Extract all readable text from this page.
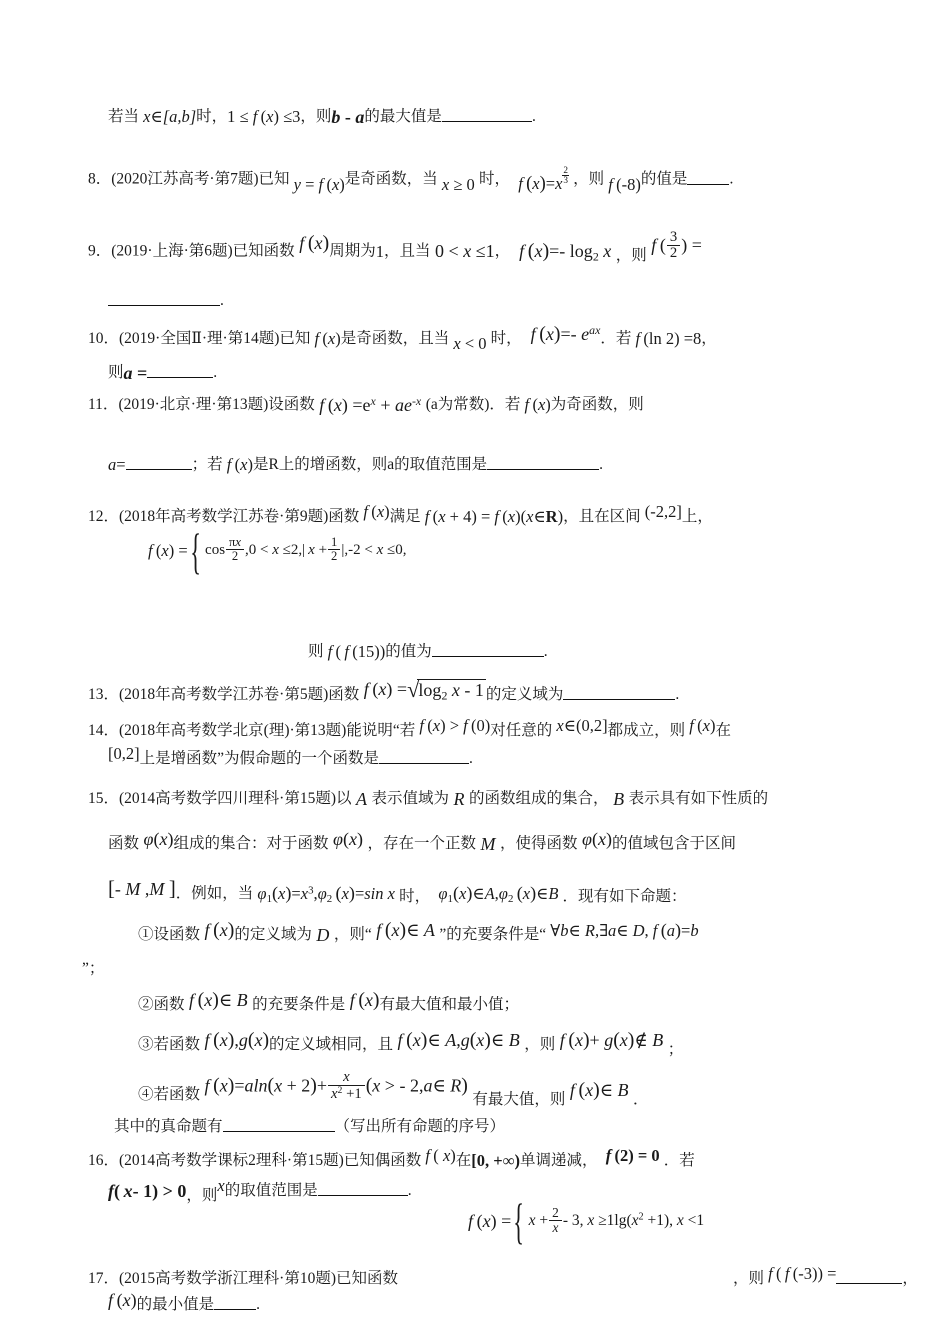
若当 x∈[a,b]时，1 ≤ f (x) ≤3，则b - a的最大值是	.
8．(2020江苏高考·第7题)已知 y = f (x)是奇函数，当 x ≥ 0 时， f  $(x)=x \frac{2}{3}$ ，则 f (-8)的值是	.
9．(2019·上海·第6题)已知函数 f  (x)周期为1，且当 0 < x ≤1， f  (x)=- log2 x ，则 f ( $\frac{3}{2}$ ) =
.
10．(2019·全国Ⅱ·理·第14题)已知 f (x)是奇函数，且当 x < 0 时， f  (x)=- $e^{ax}$．若 f (ln 2) =8，
则a =	.
11．(2019·北京·理·第13题)设函数 f $(x) =e^x + ae^{-x}$ (a为常数)．若 f (x)为奇函数，则
a=	；若 f (x)是R上的增函数，则a的取值范围是	.
12．(2018年高考数学江苏卷·第9题)函数 f (x)满足 f (x + 4) = f (x)(x∈R)，且在区间 (-2,2]上，
f (x) ={ $\cos \frac{\pi x}{2} ,0 < x \le 2,|$ $x + \frac{1}{2} |,-2 < x \le 0$,
则 f ( f (15))的值为	.
13．(2018年高考数学江苏卷·第5题)函数 f (x) =√log2 x - 1 的定义域为	.
14．(2018年高考数学北京(理)·第13题)能说明“若 f (x) > f (0)对任意的 x∈(0,2]都成立，则 f (x)在
[0,2]上是增函数”为假命题的一个函数是	.
15．(2014高考数学四川理科·第15题)以 A 表示值域为 R 的函数组成的集合， B 表示具有如下性质的
函数 φ(x)组成的集合：对于函数 φ(x) ，存在一个正数 M ，使得函数 φ(x)的值域包含于区间
[- M ,M ]．例如，当 $\varphi_1(x)=x^3,\varphi_2$  (x)=sin x 时， $\varphi_1(x)\in A,\varphi_2$  (x)∈B ．现有如下命题：
①设函数 f  (x)的定义域为 D ，则“ f  (x)∈ A ”的充要条件是“ ∀b∈ R,∃a∈ D, f  (a)=b
”；
②函数 f  (x)∈ B 的充要条件是 f  (x)有最大值和最小值；
③若函数 f  (x),g(x)的定义域相同，且 f  (x)∈ A,g(x)∈ B ，则 f  (x)+ g(x)∉ B ；
④若函数 f  $(x)=aln(x + 2)+ \frac{x}{x^2 +1} (x$ > - 2,a∈ R) 有最大值，则 f  (x)∈ B ．
其中的真命题有	（写出所有命题的序号）
16．(2014高考数学课标2理科·第15题)已知偶函数 f ( x)在[0, +∞)单调递减， f (2) = 0 ．若
f( x- 1) > 0，则x的取值范围是	.
f (x) ={ $x + \frac{2}{x} - 3$, $x \ge 1\lg(x^2 +1)$, x <1
17．(2015高考数学浙江理科·第10题)已知函数	，则 f ( f (-3)) =	，
f (x)的最小值是	.
